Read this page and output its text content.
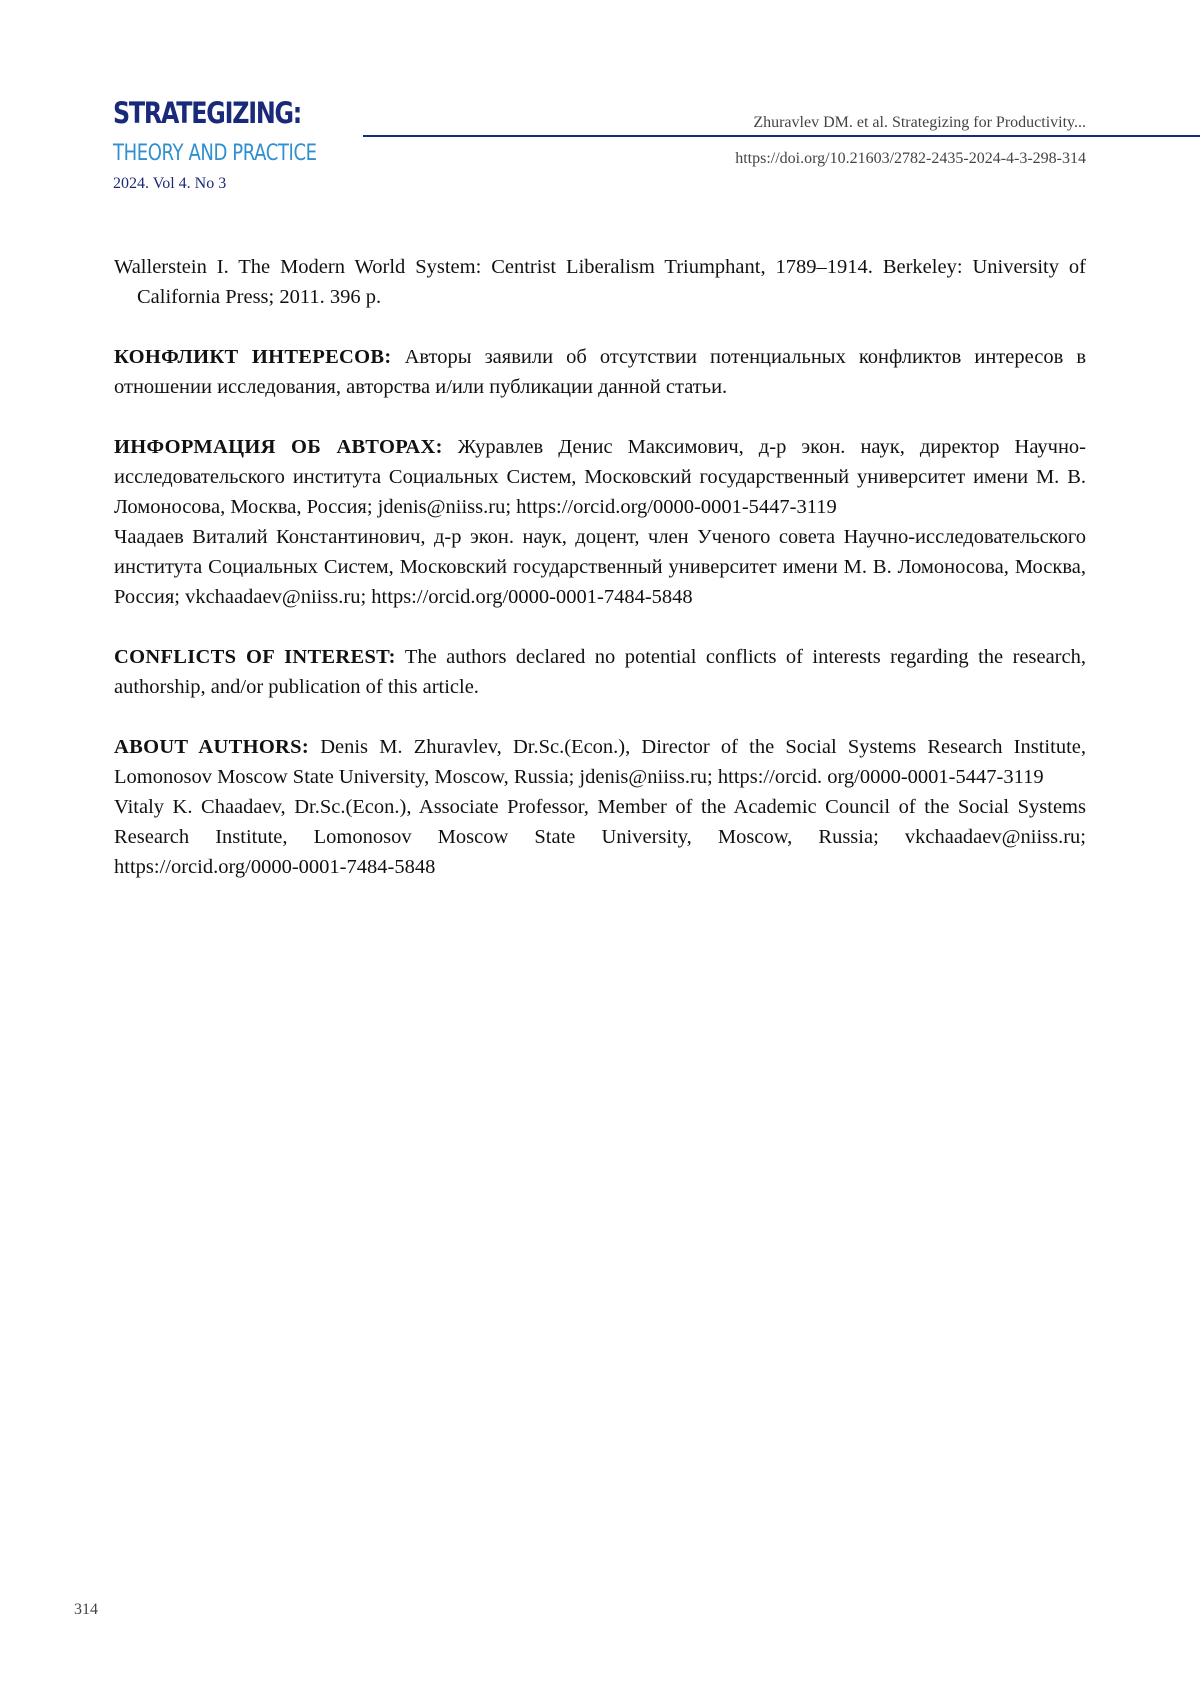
STRATEGIZING:
THEORY AND PRACTICE
2024. Vol 4. No 3
Zhuravlev DM. et al. Strategizing for Productivity...
https://doi.org/10.21603/2782-2435-2024-4-3-298-314

Wallerstein I. The Modern World System: Centrist Liberalism Triumphant, 1789–1914. Berkeley: University of California Press; 2011. 396 p.

КОНФЛИКТ ИНТЕРЕСОВ: Авторы заявили об отсутствии потенциальных конфликтов интересов в отношении исследования, авторства и/или публикации данной статьи.

ИНФОРМАЦИЯ ОБ АВТОРАХ: Журавлев Денис Максимович, д-р экон. наук, директор Научно-исследовательского института Социальных Систем, Московский государственный университет имени М. В. Ломоносова, Москва, Россия; jdenis@niiss.ru; https://orcid.org/0000-0001-5447-3119

Чаадаев Виталий Константинович, д-р экон. наук, доцент, член Ученого совета Научно-исследовательского института Социальных Систем, Московский государственный университет имени М. В. Ломоносова, Москва, Россия; vkchaadaev@niiss.ru; https://orcid.org/0000-0001-7484-5848

CONFLICTS OF INTEREST: The authors declared no potential conflicts of interests regarding the research, authorship, and/or publication of this article.

ABOUT AUTHORS: Denis M. Zhuravlev, Dr.Sc.(Econ.), Director of the Social Systems Research Institute, Lomonosov Moscow State University, Moscow, Russia; jdenis@niiss.ru; https://orcid. org/0000-0001-5447-3119

Vitaly K. Chaadaev, Dr.Sc.(Econ.), Associate Professor, Member of the Academic Council of the Social Systems Research Institute, Lomonosov Moscow State University, Moscow, Russia; vkchaadaev@niiss.ru; https://orcid.org/0000-0001-7484-5848

314
